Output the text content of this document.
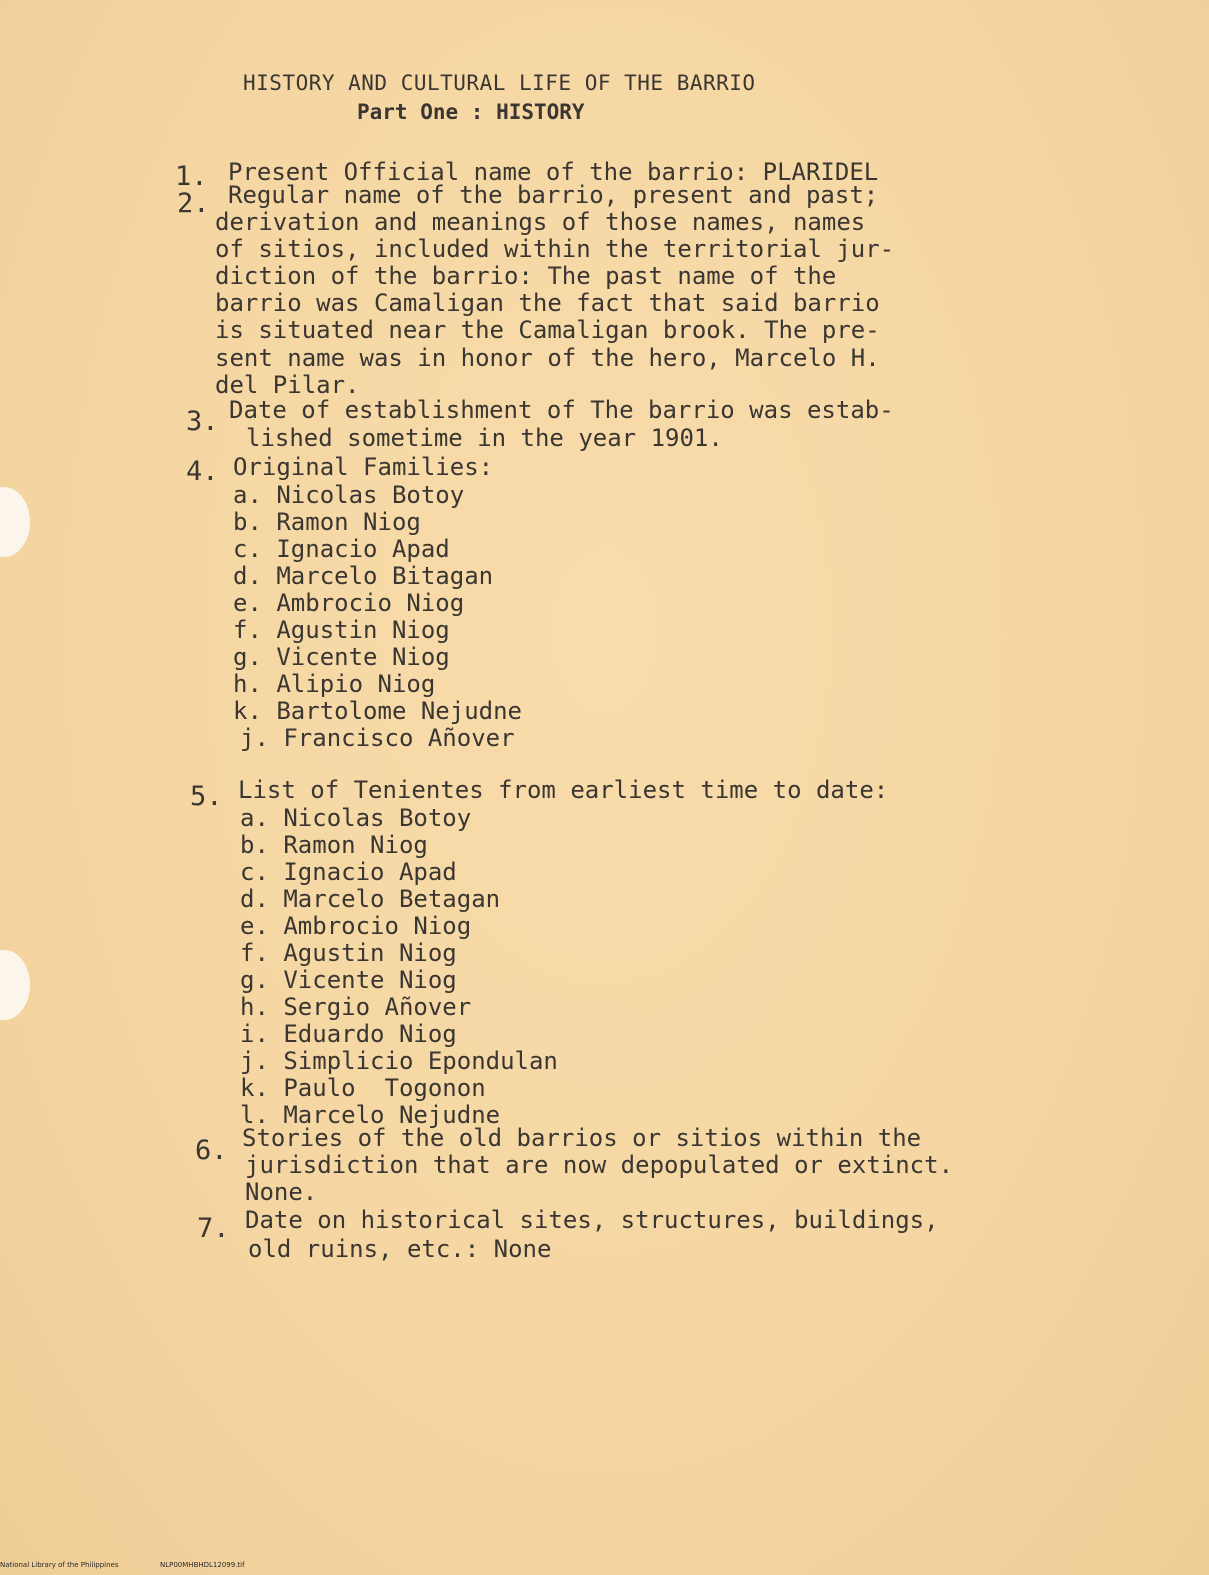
HISTORY AND CULTURAL LIFE OF THE BARRIO
Part One : HISTORY
1. Present Official name of the barrio: PLARIDEL
2. Regular name of the barrio, present and past;
derivation and meanings of those names, names
of sitios, included within the territorial jur-
diction of the barrio: The past name of the
barrio was Camaligan the fact that said barrio
is situated near the Camaligan brook. The pre-
sent name was in honor of the hero, Marcelo H.
del Pilar.
3. Date of establishment of The barrio was estab-
lished sometime in the year 1901.
4. Original Families:
a. Nicolas Botoy
b. Ramon Niog
c. Ignacio Apad
d. Marcelo Bitagan
e. Ambrocio Niog
f. Agustin Niog
g. Vicente Niog
h. Alipio Niog
k. Bartolome Nejudne
j. Francisco Añover
5. List of Tenientes from earliest time to date:
a. Nicolas Botoy
b. Ramon Niog
c. Ignacio Apad
d. Marcelo Betagan
e. Ambrocio Niog
f. Agustin Niog
g. Vicente Niog
h. Sergio Añover
i. Eduardo Niog
j. Simplicio Epondulan
k. Paulo  Togonon
l. Marcelo Nejudne
6. Stories of the old barrios or sitios within the
jurisdiction that are now depopulated or extinct.
None.
7. Date on historical sites, structures, buildings,
old ruins, etc.: None
National Library of the Philippines	NLP00MHBHDL12099.tif
